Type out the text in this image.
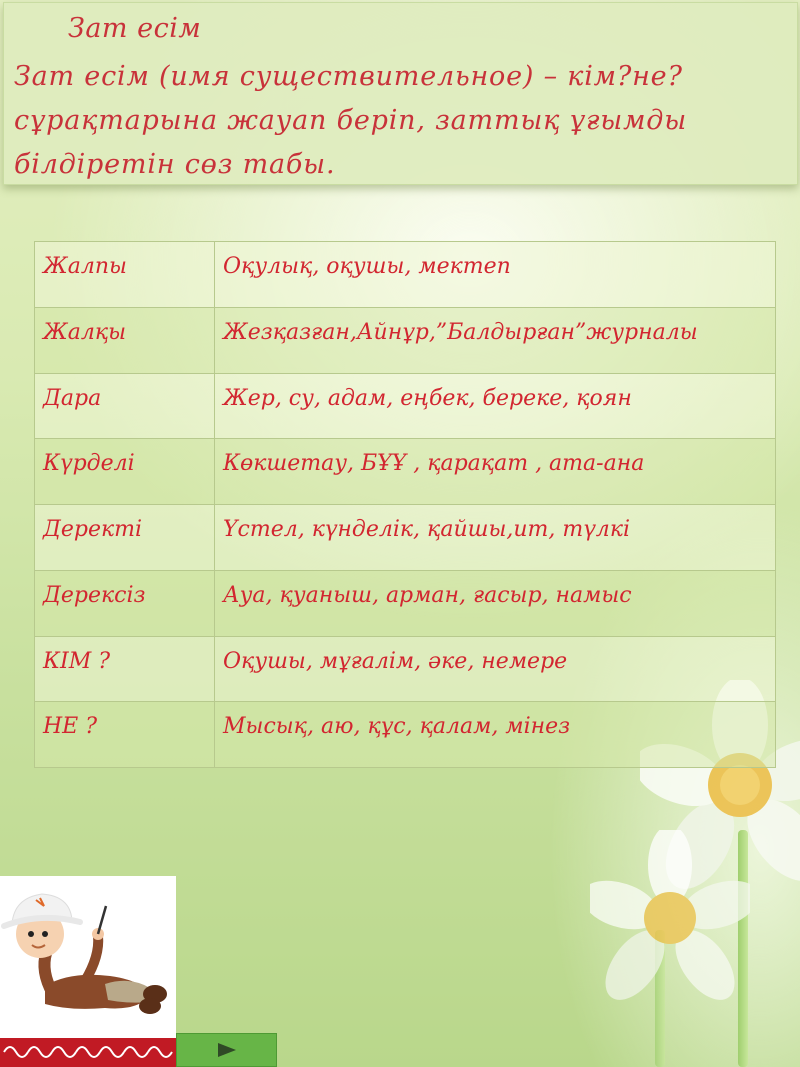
Зат есім
Зат есім (имя существительное) – кім?не? сұрақтарына жауап беріп, заттық ұғымды білдіретін сөз табы.
Жалпы	Оқулық, оқушы, мектеп
Жалқы	Жезқазған,Айнұр,”Балдырған”журналы
Дара	Жер, су, адам, еңбек, береке, қоян
Күрделі	Көкшетау, БҰҰ , қарақат , ата-ана
Деректі	Үстел, күнделік, қайшы,ит, түлкі
Дерексіз	Ауа, қуаныш, арман, ғасыр, намыс
КІМ ?	Оқушы, мұғалім, әке, немере
НЕ ?	Мысық, аю, құс, қалам, мінез
